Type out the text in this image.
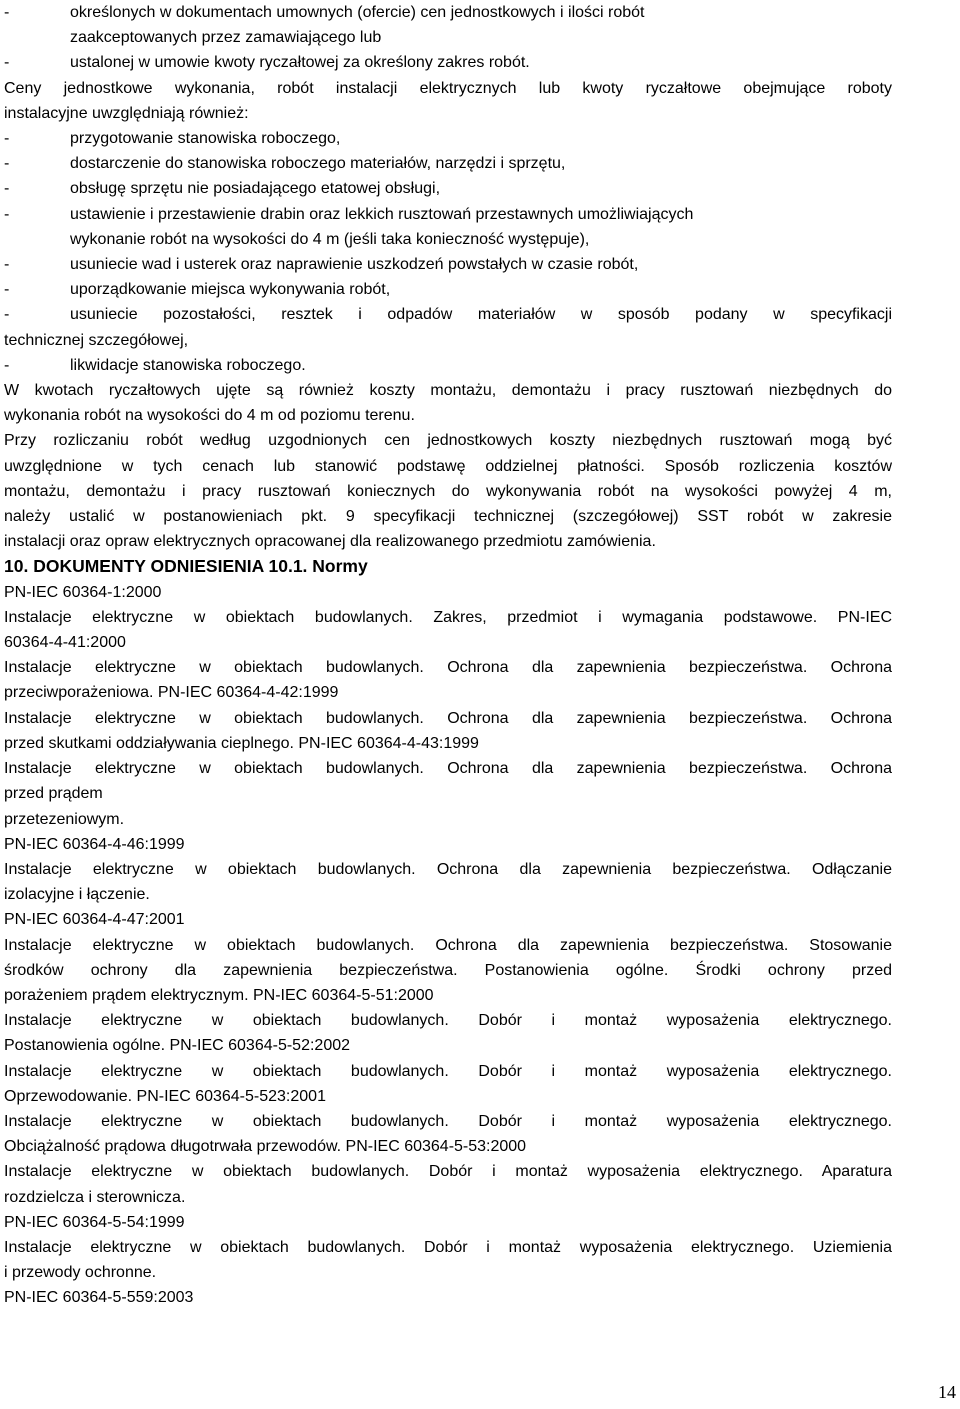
-	określonych w dokumentach umownych (ofercie) cen jednostkowych i ilości robót
zaakceptowanych przez zamawiającego lub
-	ustalonej w umowie kwoty ryczałtowej za określony zakres robót.
Ceny jednostkowe wykonania, robót instalacji elektrycznych lub kwoty ryczałtowe obejmujące roboty
instalacyjne uwzględniają również:
-	przygotowanie stanowiska roboczego,
-	dostarczenie do stanowiska roboczego materiałów, narzędzi i sprzętu,
-	obsługę sprzętu nie posiadającego etatowej obsługi,
-	ustawienie i przestawienie drabin oraz lekkich rusztowań przestawnych umożliwiających
wykonanie robót na wysokości do 4 m (jeśli taka konieczność występuje),
-	usuniecie wad i usterek oraz naprawienie uszkodzeń powstałych w czasie robót,
-	uporządkowanie miejsca wykonywania robót,
-	usuniecie pozostałości, resztek i odpadów materiałów w sposób podany w specyfikacji
technicznej szczegółowej,
-	likwidacje stanowiska roboczego.
W kwotach ryczałtowych ujęte są również koszty montażu, demontażu i pracy rusztowań niezbędnych do
wykonania robót na wysokości do 4 m od poziomu terenu.
Przy rozliczaniu robót według uzgodnionych cen jednostkowych koszty niezbędnych rusztowań mogą być
uwzględnione w tych cenach lub stanowić podstawę oddzielnej płatności. Sposób rozliczenia kosztów
montażu, demontażu i pracy rusztowań koniecznych do wykonywania robót na wysokości powyżej 4 m,
należy ustalić w postanowieniach pkt. 9 specyfikacji technicznej (szczegółowej) SST robót w zakresie
instalacji oraz opraw elektrycznych opracowanej dla realizowanego przedmiotu zamówienia.
10. DOKUMENTY ODNIESIENIA 10.1. Normy
PN-IEC 60364-1:2000
Instalacje elektryczne w obiektach budowlanych. Zakres, przedmiot i wymagania podstawowe. PN-IEC
60364-4-41:2000
Instalacje elektryczne w obiektach budowlanych. Ochrona dla zapewnienia bezpieczeństwa. Ochrona
przeciwporażeniowa. PN-IEC 60364-4-42:1999
Instalacje elektryczne w obiektach budowlanych. Ochrona dla zapewnienia bezpieczeństwa. Ochrona
przed skutkami oddziaływania cieplnego. PN-IEC 60364-4-43:1999
Instalacje elektryczne w obiektach budowlanych. Ochrona dla zapewnienia bezpieczeństwa. Ochrona
przed prądem
przetezeniowym.
PN-IEC 60364-4-46:1999
Instalacje elektryczne w obiektach budowlanych. Ochrona dla zapewnienia bezpieczeństwa. Odłączanie
izolacyjne i łączenie.
PN-IEC 60364-4-47:2001
Instalacje elektryczne w obiektach budowlanych. Ochrona dla zapewnienia bezpieczeństwa. Stosowanie
środków ochrony dla zapewnienia bezpieczeństwa. Postanowienia ogólne. Środki ochrony przed
porażeniem prądem elektrycznym. PN-IEC 60364-5-51:2000
Instalacje elektryczne w obiektach budowlanych. Dobór i montaż wyposażenia elektrycznego.
Postanowienia ogólne. PN-IEC 60364-5-52:2002
Instalacje elektryczne w obiektach budowlanych. Dobór i montaż wyposażenia elektrycznego.
Oprzewodowanie. PN-IEC 60364-5-523:2001
Instalacje elektryczne w obiektach budowlanych. Dobór i montaż wyposażenia elektrycznego.
Obciążalność prądowa długotrwała przewodów. PN-IEC 60364-5-53:2000
Instalacje elektryczne w obiektach budowlanych. Dobór i montaż wyposażenia elektrycznego. Aparatura
rozdzielcza i sterownicza.
PN-IEC 60364-5-54:1999
Instalacje elektryczne w obiektach budowlanych. Dobór i montaż wyposażenia elektrycznego. Uziemienia
i przewody ochronne.
PN-IEC 60364-5-559:2003
14
